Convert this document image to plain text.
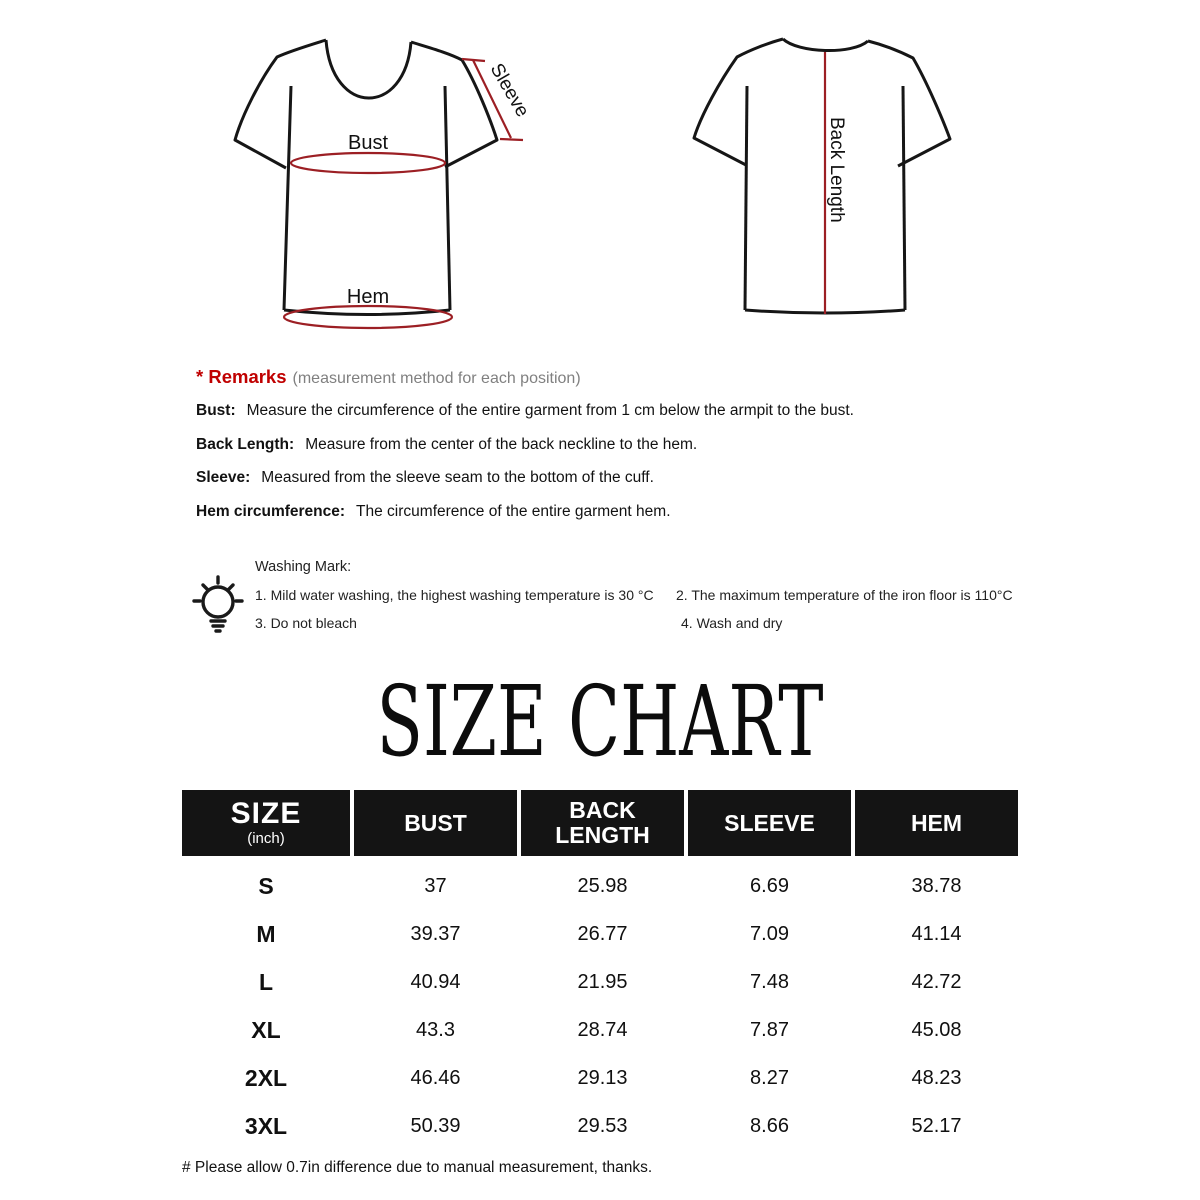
Bust
Hem
Sleeve
Back Length
* Remarks (measurement method for each position)
Bust: Measure the circumference of the entire garment from 1 cm below the armpit to the bust.
Back Length: Measure from the center of the back neckline to the hem.
Sleeve: Measured from the sleeve seam to the bottom of the cuff.
Hem circumference: The circumference of the entire garment hem.
Washing Mark:
1. Mild water washing, the highest washing temperature is 30 °C 2. The maximum temperature of the iron floor is 110°C
3. Do not bleach	4. Wash and dry
SIZE CHART
SIZE
(inch)
BUST	BACK LENGTH	SLEEVE	HEM
S	37	25.98	6.69	38.78
M	39.37	26.77	7.09	41.14
L	40.94	21.95	7.48	42.72
XL	43.3	28.74	7.87	45.08
2XL	46.46	29.13	8.27	48.23
3XL	50.39	29.53	8.66	52.17
# Please allow 0.7in difference due to manual measurement, thanks.
